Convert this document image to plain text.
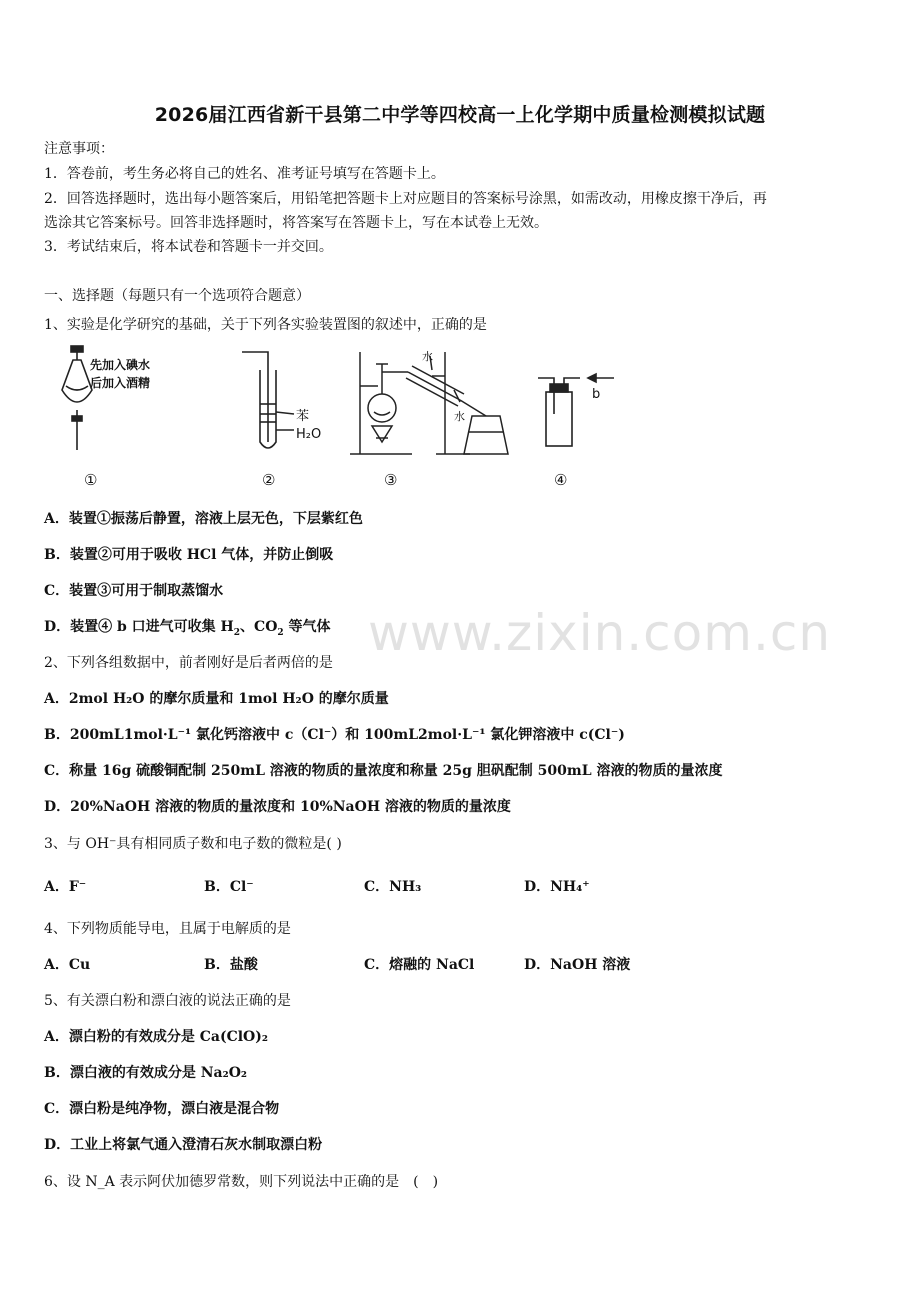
2026届江西省新干县第二中学等四校高一上化学期中质量检测模拟试题
注意事项：
1．答卷前，考生务必将自己的姓名、准考证号填写在答题卡上。
2．回答选择题时，选出每小题答案后，用铅笔把答题卡上对应题目的答案标号涂黑，如需改动，用橡皮擦干净后，再
选涂其它答案标号。回答非选择题时，将答案写在答题卡上，写在本试卷上无效。
3．考试结束后，将本试卷和答题卡一并交回。
一、选择题（每题只有一个选项符合题意）
1、实验是化学研究的基础，关于下列各实验装置图的叙述中，正确的是
先加入碘水
后加入酒精
苯
H₂O
水
水
b
①	②	③	④
A．装置①振荡后静置，溶液上层无色，下层紫红色
B．装置②可用于吸收 HCl 气体，并防止倒吸
C．装置③可用于制取蒸馏水
D．装置④ b 口进气可收集 $H_2$、$CO_2$ 等气体 www.zixin.com.cn
2、下列各组数据中，前者刚好是后者两倍的是
A．2mol H₂O 的摩尔质量和 1mol H₂O 的摩尔质量
B．200mL1mol·L⁻¹ 氯化钙溶液中 c（Cl⁻）和 100mL2mol·L⁻¹ 氯化钾溶液中 c(Cl⁻)
C．称量 16g 硫酸铜配制 250mL 溶液的物质的量浓度和称量 25g 胆矾配制 500mL 溶液的物质的量浓度
D．20%NaOH 溶液的物质的量浓度和 10%NaOH 溶液的物质的量浓度
3、与 OH⁻具有相同质子数和电子数的微粒是( )
A．F⁻	B．Cl⁻	C．NH₃	D．NH₄⁺
4、下列物质能导电，且属于电解质的是
A．Cu	B．盐酸	C．熔融的 NaCl	D．NaOH 溶液
5、有关漂白粉和漂白液的说法正确的是
A．漂白粉的有效成分是 Ca(ClO)₂
B．漂白液的有效成分是 Na₂O₂
C．漂白粉是纯净物，漂白液是混合物
D．工业上将氯气通入澄清石灰水制取漂白粉
6、设 N_A 表示阿伏加德罗常数，则下列说法中正确的是　(　)
